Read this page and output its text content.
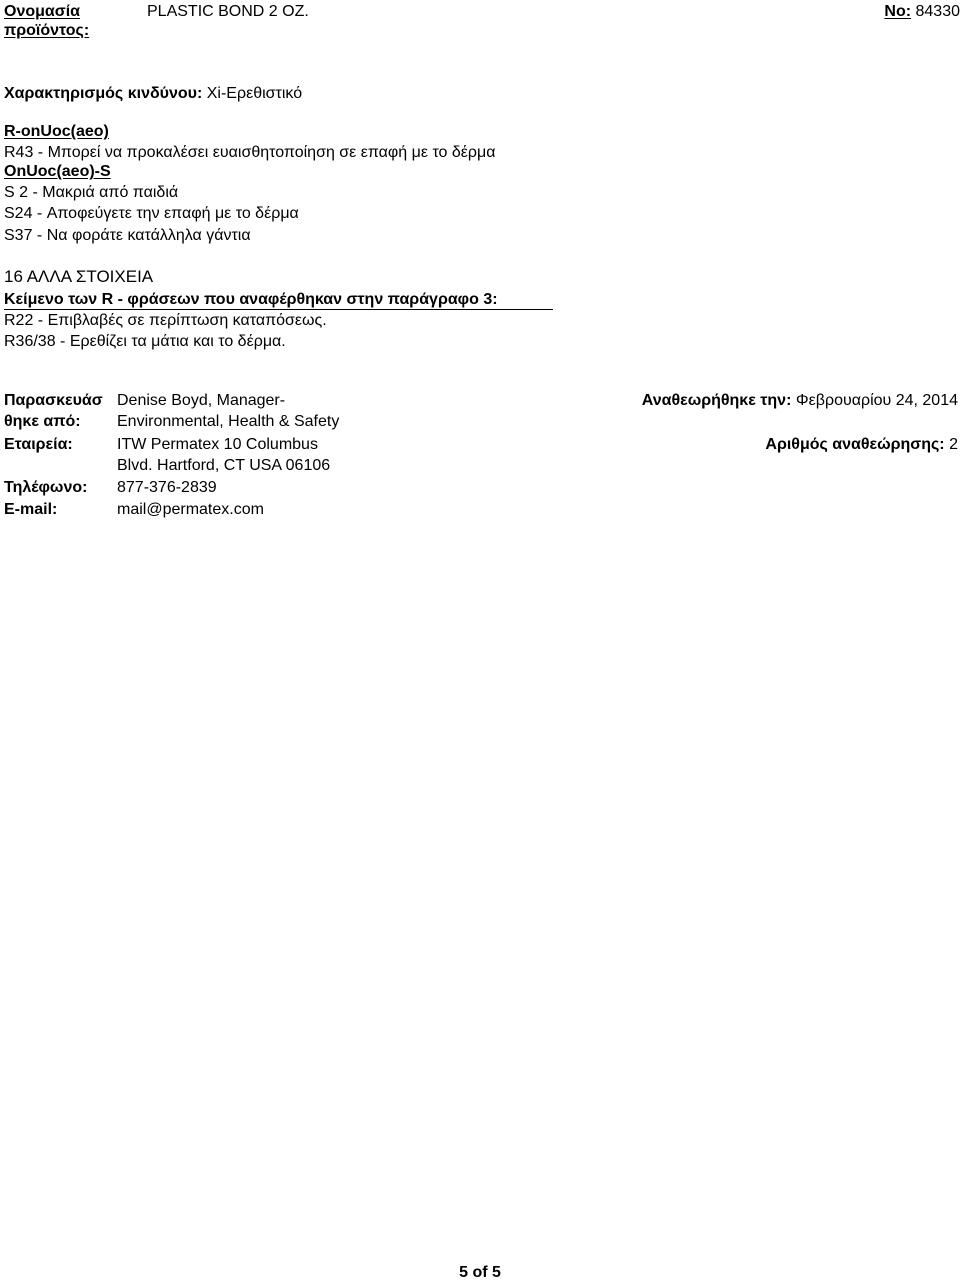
Ονομασία προϊόντος:
PLASTIC BOND 2 OZ.	No: 84330
Χαρακτηρισμός κινδύνου: Xi-Ερεθιστικό
R-onUoc(aeo)
R43 - Μπορεί να προκαλέσει ευαισθητοποίηση σε επαφή με το δέρμα
OnUoc(aeo)-S
S 2 - Μακριά από παιδιά
S24 - Αποφεύγετε την επαφή με το δέρμα
S37 - Να φοράτε κατάλληλα γάντια
16 ΑΛΛΑ ΣΤΟΙΧΕΙΑ
Κείμενο των R - φράσεων που αναφέρθηκαν στην παράγραφο 3:
R22 - Επιβλαβές σε περίπτωση καταπόσεως.
R36/38 - Ερεθίζει τα μάτια και το δέρμα.
Παρασκευάσ
θηκε από:
Εταιρεία:
Τηλέφωνο:
E-mail:
Denise Boyd, Manager-
Environmental, Health & Safety
ITW Permatex 10 Columbus
Blvd. Hartford, CT USA 06106
877-376-2839
mail@permatex.com
Αναθεωρήθηκε την: Φεβρουαρίου 24, 2014
Αριθμός αναθεώρησης: 2
5 of 5
